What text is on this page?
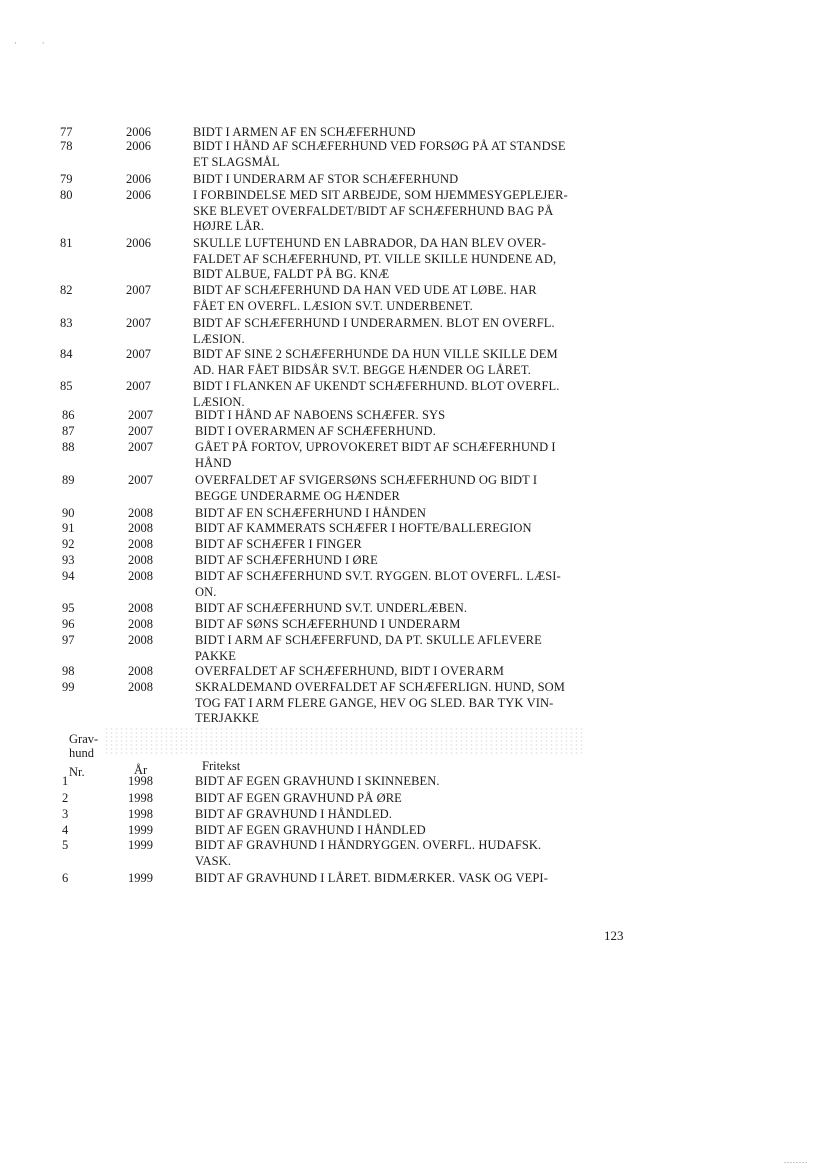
·           ·
77	2006	BIDT I ARMEN AF EN SCHÆFERHUND
78	2006	BIDT I HÅND AF SCHÆFERHUND VED FORSØG PÅ AT STANDSE
ET SLAGSMÅL
79	2006	BIDT I UNDERARM AF STOR SCHÆFERHUND
80	2006	I FORBINDELSE MED SIT ARBEJDE, SOM HJEMMESYGEPLEJER-
SKE BLEVET OVERFALDET/BIDT AF SCHÆFERHUND BAG PÅ
HØJRE LÅR.
81	2006	SKULLE LUFTEHUND EN LABRADOR, DA HAN BLEV OVER-
FALDET AF SCHÆFERHUND, PT. VILLE SKILLE HUNDENE AD,
BIDT ALBUE, FALDT PÅ BG. KNÆ
82	2007	BIDT AF SCHÆFERHUND DA HAN VED UDE AT LØBE. HAR
FÅET EN OVERFL. LÆSION SV.T. UNDERBENET.
83	2007	BIDT AF SCHÆFERHUND I UNDERARMEN. BLOT EN OVERFL.
LÆSION.
84	2007	BIDT AF SINE 2 SCHÆFERHUNDE DA HUN VILLE SKILLE DEM
AD. HAR FÅET BIDSÅR SV.T. BEGGE HÆNDER OG LÅRET.
85	2007	BIDT I FLANKEN AF UKENDT SCHÆFERHUND. BLOT OVERFL.
LÆSION.
86	2007	BIDT I HÅND AF NABOENS SCHÆFER. SYS
87	2007	BIDT I OVERARMEN AF SCHÆFERHUND.
88	2007	GÅET PÅ FORTOV, UPROVOKERET BIDT AF SCHÆFERHUND I
HÅND
89	2007	OVERFALDET AF SVIGERSØNS SCHÆFERHUND OG BIDT I
BEGGE UNDERARME OG HÆNDER
90	2008	BIDT AF EN SCHÆFERHUND I HÅNDEN
91	2008	BIDT AF KAMMERATS SCHÆFER I HOFTE/BALLEREGION
92	2008	BIDT AF SCHÆFER I FINGER
93	2008	BIDT AF SCHÆFERHUND I ØRE
94	2008	BIDT AF SCHÆFERHUND SV.T. RYGGEN. BLOT OVERFL. LÆSI-
ON.
95	2008	BIDT AF SCHÆFERHUND SV.T. UNDERLÆBEN.
96	2008	BIDT AF SØNS SCHÆFERHUND I UNDERARM
97	2008	BIDT I ARM AF SCHÆFERFUND, DA PT. SKULLE AFLEVERE
PAKKE
98	2008	OVERFALDET AF SCHÆFERHUND, BIDT I OVERARM
99	2008	SKRALDEMAND OVERFALDET AF SCHÆFERLIGN. HUND, SOM
TOG FAT I ARM FLERE GANGE, HEV OG SLED. BAR TYK VIN-
TERJAKKE
Grav-
hund
Nr.	År	Fritekst
1	1998	BIDT AF EGEN GRAVHUND I SKINNEBEN.
2	1998	BIDT AF EGEN GRAVHUND PÅ ØRE
3	1998	BIDT AF GRAVHUND I HÅNDLED.
4	1999	BIDT AF EGEN GRAVHUND I HÅNDLED
5	1999	BIDT AF GRAVHUND I HÅNDRYGGEN. OVERFL. HUDAFSK.
VASK.
6	1999	BIDT AF GRAVHUND I LÅRET. BIDMÆRKER. VASK OG VEPI-
123
........
